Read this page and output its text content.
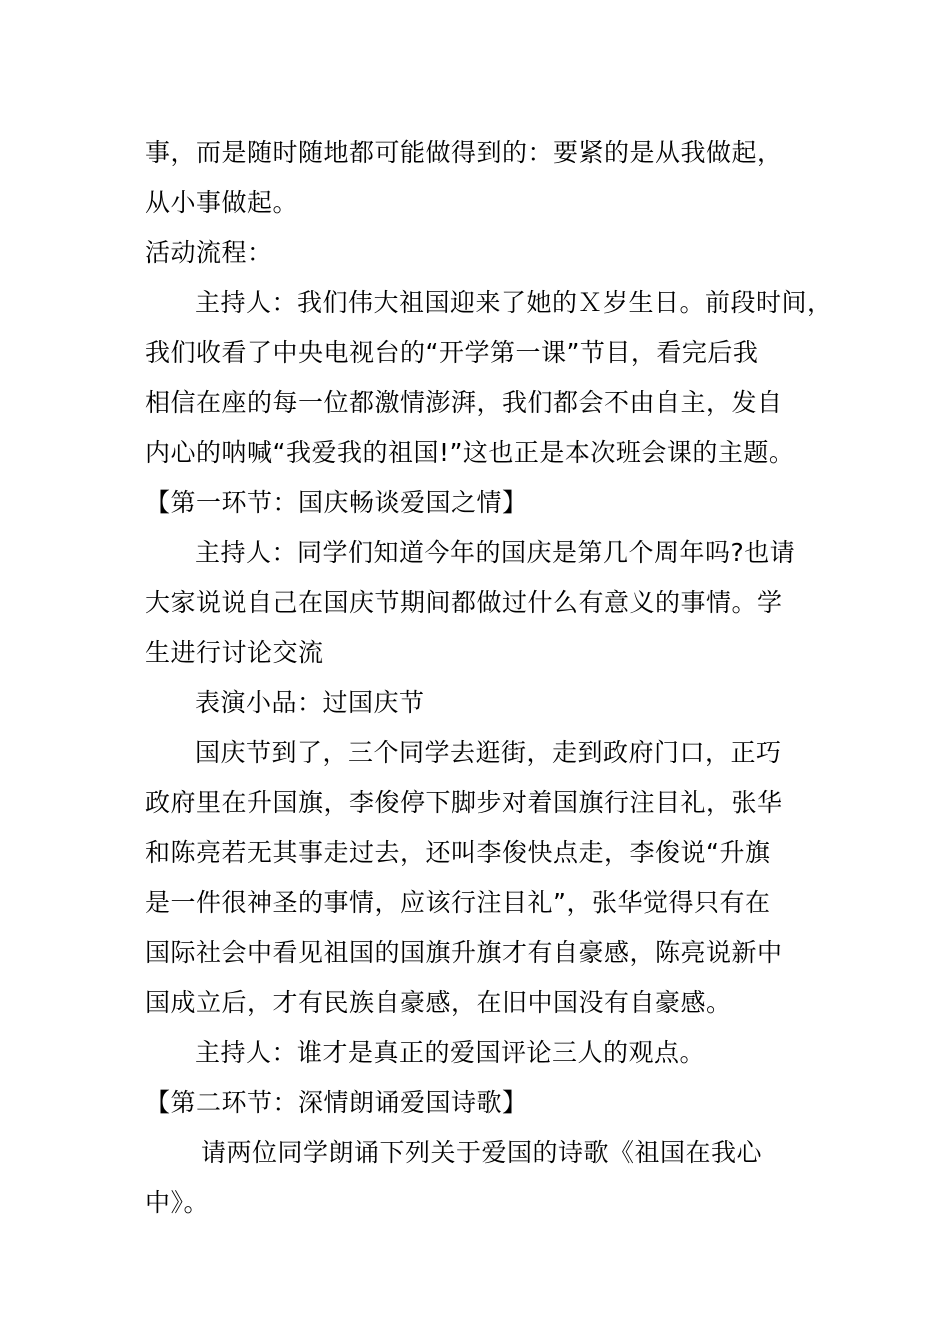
事，而是随时随地都可能做得到的：要紧的是从我做起，
从小事做起。
活动流程：
主持人：我们伟大祖国迎来了她的Ｘ岁生日。前段时间，
我们收看了中央电视台的“开学第一课”节目，看完后我
相信在座的每一位都激情澎湃，我们都会不由自主，发自
内心的呐喊“我爱我的祖国!”这也正是本次班会课的主题。
【第一环节：国庆畅谈爱国之情】
主持人：同学们知道今年的国庆是第几个周年吗?也请
大家说说自己在国庆节期间都做过什么有意义的事情。学
生进行讨论交流
表演小品：过国庆节
国庆节到了，三个同学去逛街，走到政府门口，正巧
政府里在升国旗，李俊停下脚步对着国旗行注目礼，张华
和陈亮若无其事走过去，还叫李俊快点走，李俊说“升旗
是一件很神圣的事情，应该行注目礼”，张华觉得只有在
国际社会中看见祖国的国旗升旗才有自豪感，陈亮说新中
国成立后，才有民族自豪感，在旧中国没有自豪感。
主持人：谁才是真正的爱国评论三人的观点。
【第二环节：深情朗诵爱国诗歌】
请两位同学朗诵下列关于爱国的诗歌《祖国在我心
中》。
